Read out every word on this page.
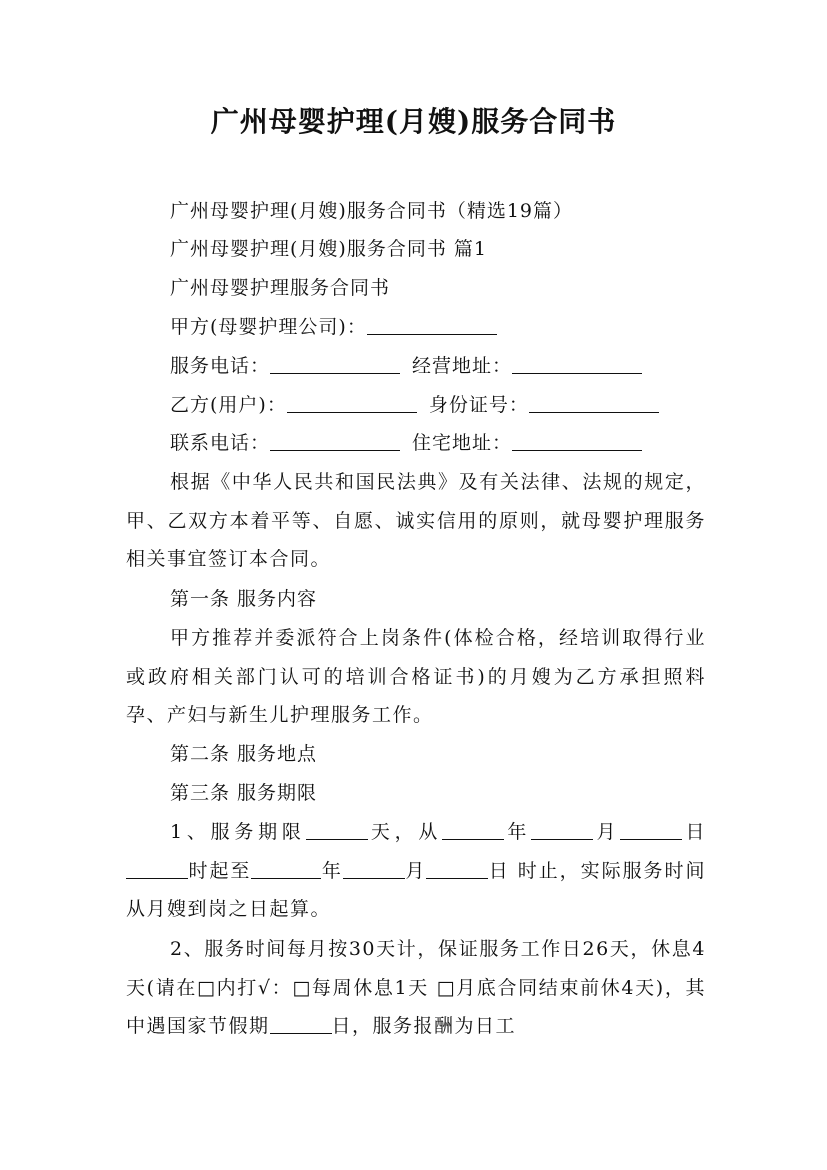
广州母婴护理(月嫂)服务合同书
广州母婴护理(月嫂)服务合同书（精选19篇）
广州母婴护理(月嫂)服务合同书 篇1
广州母婴护理服务合同书
甲方(母婴护理公司)：
服务电话：	经营地址：
乙方(用户)：	身份证号：
联系电话：	住宅地址：
根据《中华人民共和国民法典》及有关法律、法规的规定，甲、乙双方本着平等、自愿、诚实信用的原则，就母婴护理服务相关事宜签订本合同。
第一条 服务内容
甲方推荐并委派符合上岗条件(体检合格，经培训取得行业或政府相关部门认可的培训合格证书)的月嫂为乙方承担照料孕、产妇与新生儿护理服务工作。
第二条 服务地点
第三条 服务期限
1、服务期限	天，从	年	月	日时起至	年	月	日 时止，实际服务时间从月嫂到岗之日起算。
2、服务时间每月按30天计，保证服务工作日26天，休息4天(请在□内打√：□每周休息1天 □月底合同结束前休4天)，其中遇国家节假期	日，服务报酬为日工
